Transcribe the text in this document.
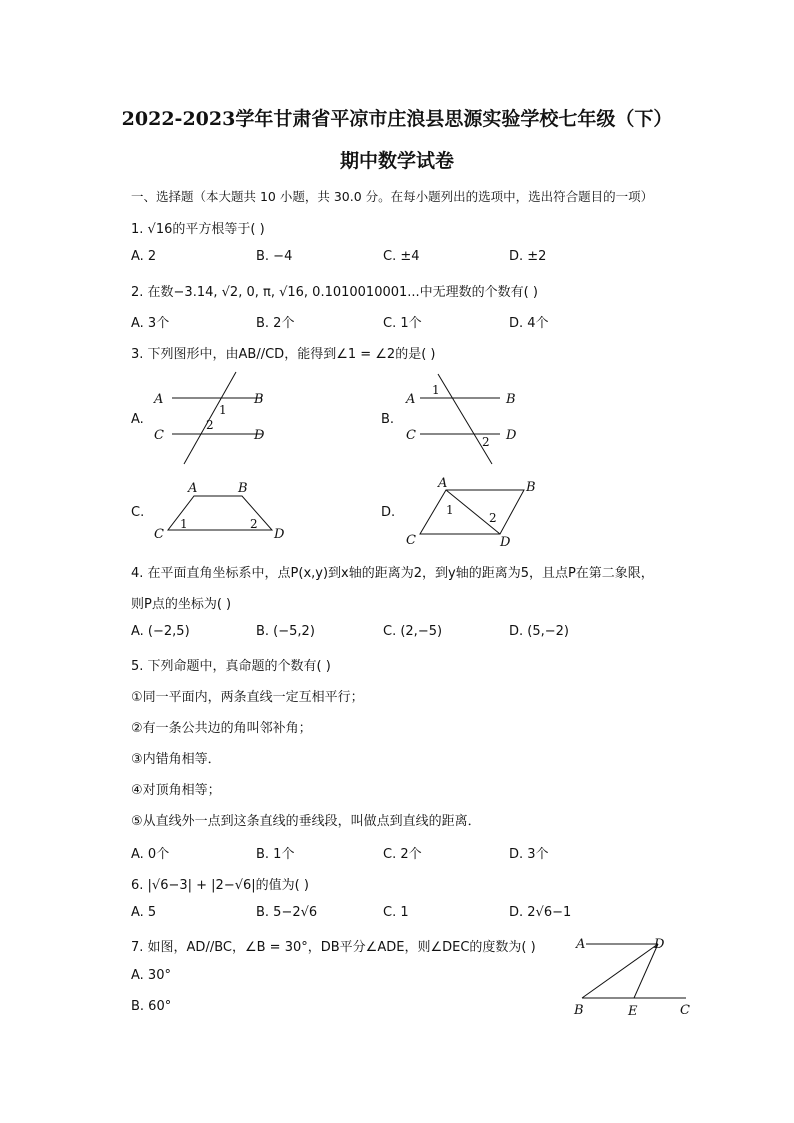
2022-2023学年甘肃省平凉市庄浪县思源实验学校七年级（下）
期中数学试卷
一、选择题（本大题共 10 小题，共 30.0 分。在每小题列出的选项中，选出符合题目的一项）
1. √16的平方根等于( )
A. 2	B. −4	C. ±4	D. ±2
2. 在数−3.14, √2, 0, π, √16, 0.1010010001...中无理数的个数有( )
A. 3个	B. 2个	C. 1个	D. 4个
3. 下列图形中，由AB//CD，能得到∠1 = ∠2的是( )
A.	B.
C.	D.
A	B
C	D
1
2
A	B
C	D
1
2
A	B
C	D
1	2
A	B
C	D
1
2
4. 在平面直角坐标系中，点P(x,y)到x轴的距离为2，到y轴的距离为5，且点P在第二象限，
则P点的坐标为( )
A. (−2,5)	B. (−5,2)	C. (2,−5)	D. (5,−2)
5. 下列命题中，真命题的个数有( )
①同一平面内，两条直线一定互相平行；
②有一条公共边的角叫邻补角；
③内错角相等．
④对顶角相等；
⑤从直线外一点到这条直线的垂线段，叫做点到直线的距离．
A. 0个	B. 1个	C. 2个	D. 3个
6. |√6−3| + |2−√6|的值为( )
A. 5	B. 5−2√6	C. 1	D. 2√6−1
7. 如图，AD//BC，∠B = 30°，DB平分∠ADE，则∠DEC的度数为( )
A. 30°
B. 60°
A	D
B	E	C
